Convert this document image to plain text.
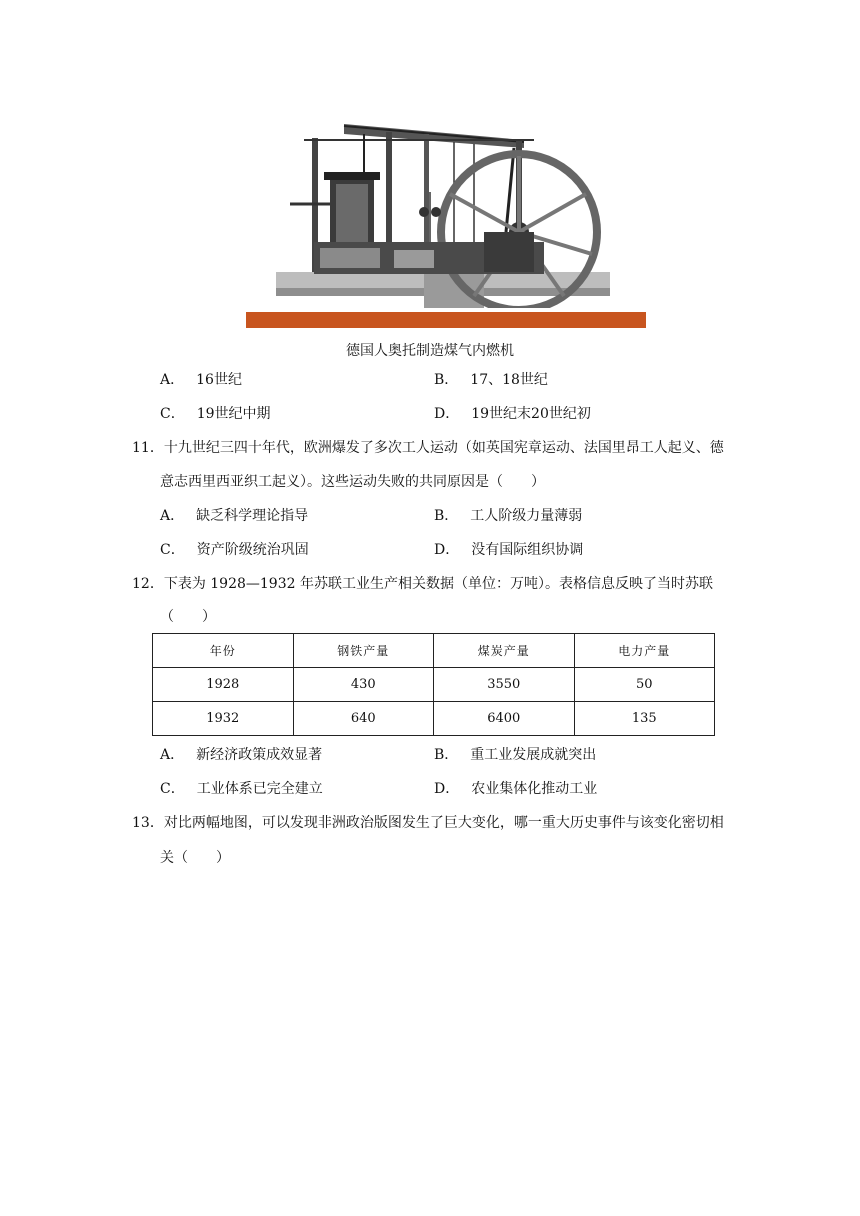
德国人奥托制造煤气内燃机
A． 16世纪	B． 17、18世纪
C． 19世纪中期	D． 19世纪末20世纪初
11．十九世纪三四十年代，欧洲爆发了多次工人运动（如英国宪章运动、法国里昂工人起义、德
意志西里西亚织工起义）。这些运动失败的共同原因是（　　）
A． 缺乏科学理论指导	B． 工人阶级力量薄弱
C． 资产阶级统治巩固	D． 没有国际组织协调
12．下表为 1928—1932 年苏联工业生产相关数据（单位：万吨）。表格信息反映了当时苏联
（　　）
年份	钢铁产量	煤炭产量	电力产量
1928	430	3550	50
1932	640	6400	135
A． 新经济政策成效显著	B． 重工业发展成就突出
C． 工业体系已完全建立	D． 农业集体化推动工业
13．对比两幅地图，可以发现非洲政治版图发生了巨大变化，哪一重大历史事件与该变化密切相
关（　　）
